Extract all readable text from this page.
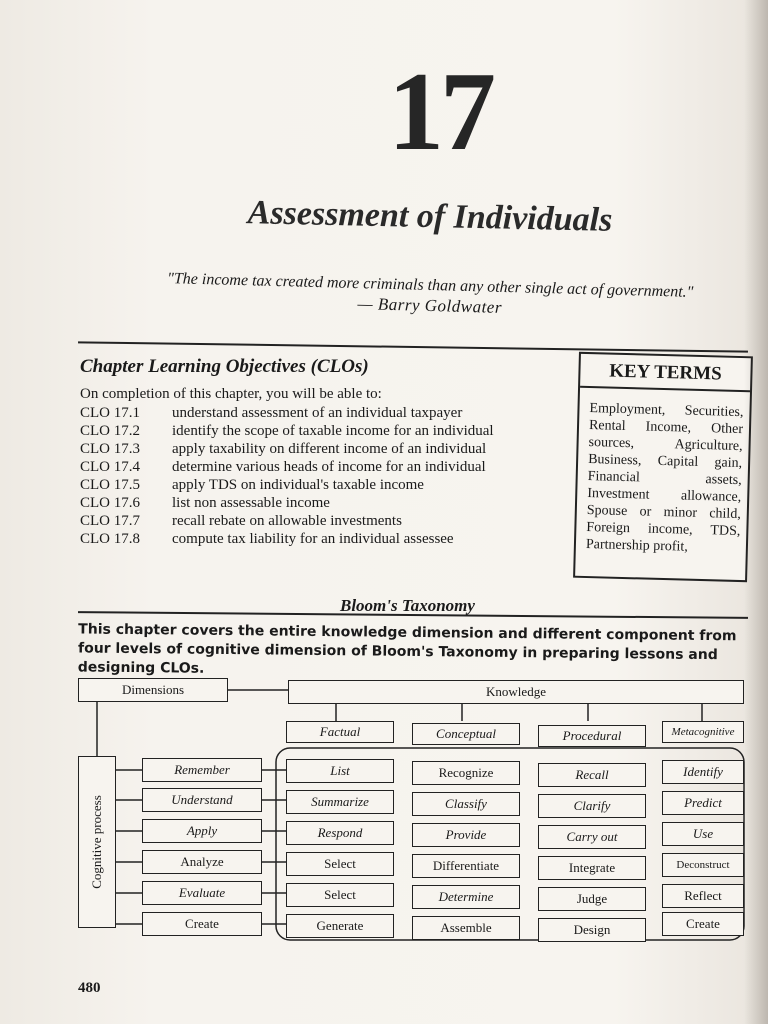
17
Assessment of Individuals
"The income tax created more criminals than any other single act of government."
— Barry Goldwater
Chapter Learning Objectives (CLOs)
On completion of this chapter, you will be able to:
CLO 17.1	understand assessment of an individual taxpayer
CLO 17.2	identify the scope of taxable income for an individual
CLO 17.3	apply taxability on different income of an individual
CLO 17.4	determine various heads of income for an individual
CLO 17.5	apply TDS on individual's taxable income
CLO 17.6	list non assessable income
CLO 17.7	recall rebate on allowable investments
CLO 17.8	compute tax liability for an individual assessee
KEY TERMS
Employment, Securities, Rental Income, Other sources, Agriculture, Business, Capital gain, Financial assets, Investment allowance, Spouse or minor child, Foreign income, TDS, Partnership profit,
Bloom's Taxonomy
This chapter covers the entire knowledge dimension and different component from four levels of cognitive dimension of Bloom's Taxonomy in preparing lessons and designing CLOs.
Dimensions	Knowledge
Factual	Conceptual	Procedural	Metacognitive
Cognitive process
Remember	List	Recognize	Recall	Identify
Understand	Summarize	Classify	Clarify	Predict
Apply	Respond	Provide	Carry out	Use
Analyze	Select	Differentiate	Integrate	Deconstruct
Evaluate	Select	Determine	Judge	Reflect
Create	Generate	Assemble	Design	Create
480
